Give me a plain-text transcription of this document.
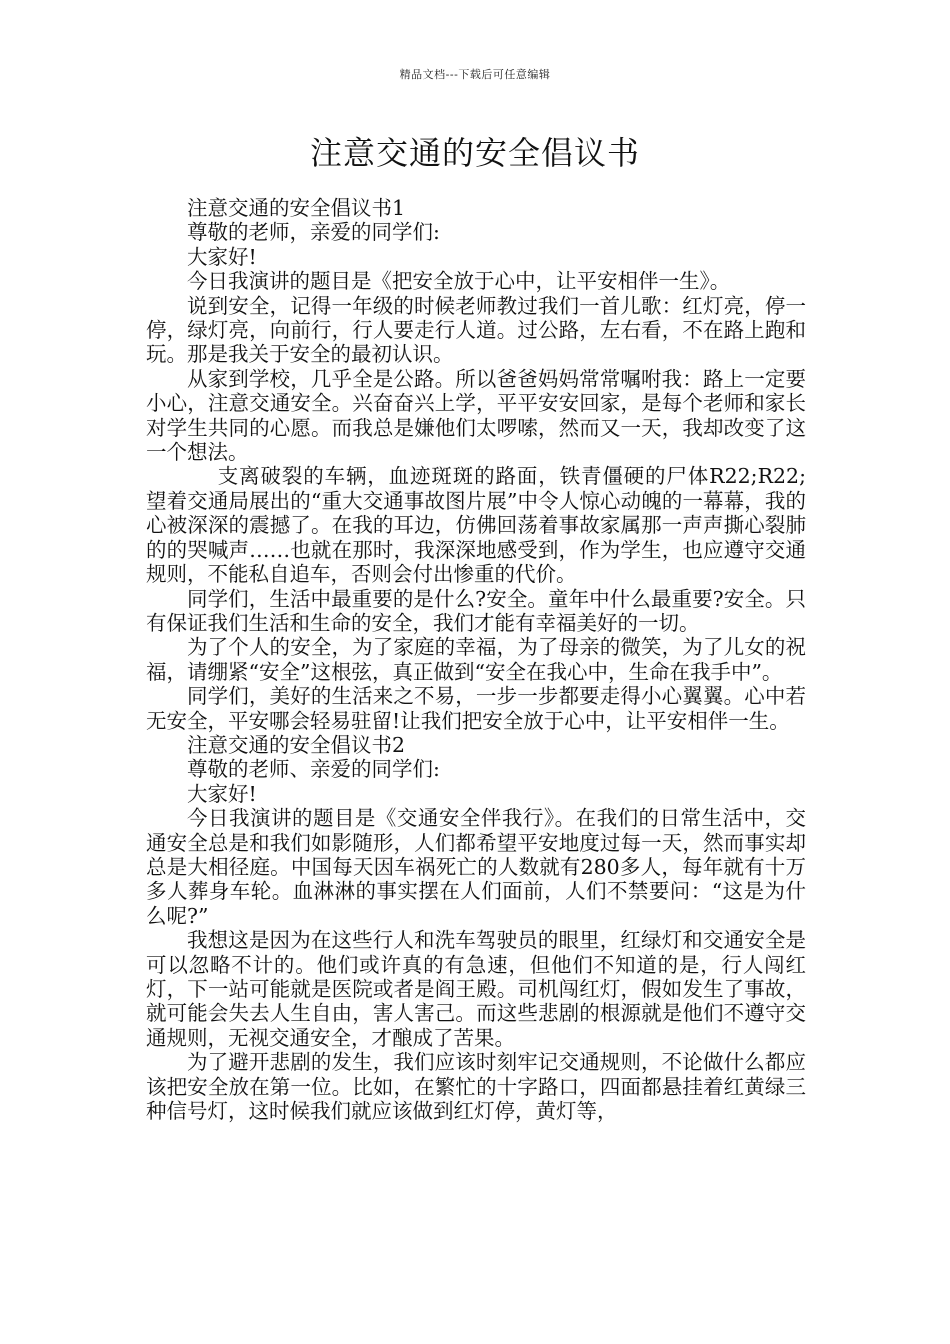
精品文档---下载后可任意编辑
注意交通的安全倡议书

注意交通的安全倡议书1

尊敬的老师，亲爱的同学们:

大家好!

今日我演讲的题目是《把安全放于心中，让平安相伴一生》。

说到安全，记得一年级的时候老师教过我们一首儿歌：红灯亮，停一停，绿灯亮，向前行，行人要走行人道。过公路，左右看，不在路上跑和玩。那是我关于安全的最初认识。

从家到学校，几乎全是公路。所以爸爸妈妈常常嘱咐我：路上一定要小心，注意交通安全。兴奋奋兴上学，平平安安回家，是每个老师和家长对学生共同的心愿。而我总是嫌他们太啰嗦，然而又一天，我却改变了这一个想法。

支离破裂的车辆，血迹斑斑的路面，铁青僵硬的尸体R22;R22;望着交通局展出的“重大交通事故图片展”中令人惊心动魄的一幕幕，我的心被深深的震撼了。在我的耳边，仿佛回荡着事故家属那一声声撕心裂肺的的哭喊声……也就在那时，我深深地感受到，作为学生，也应遵守交通规则，不能私自追车，否则会付出惨重的代价。

同学们，生活中最重要的是什么?安全。童年中什么最重要?安全。只有保证我们生活和生命的安全，我们才能有幸福美好的一切。

为了个人的安全，为了家庭的幸福，为了母亲的微笑，为了儿女的祝福，请绷紧“安全”这根弦，真正做到“安全在我心中，生命在我手中”。

同学们，美好的生活来之不易，一步一步都要走得小心翼翼。心中若无安全，平安哪会轻易驻留!让我们把安全放于心中，让平安相伴一生。

注意交通的安全倡议书2

尊敬的老师、亲爱的同学们:

大家好!

今日我演讲的题目是《交通安全伴我行》。在我们的日常生活中，交通安全总是和我们如影随形，人们都希望平安地度过每一天，然而事实却总是大相径庭。中国每天因车祸死亡的人数就有280多人，每年就有十万多人葬身车轮。血淋淋的事实摆在人们面前，人们不禁要问：“这是为什么呢?”

我想这是因为在这些行人和洗车驾驶员的眼里，红绿灯和交通安全是可以忽略不计的。他们或许真的有急速，但他们不知道的是，行人闯红灯，下一站可能就是医院或者是阎王殿。司机闯红灯，假如发生了事故，就可能会失去人生自由，害人害己。而这些悲剧的根源就是他们不遵守交通规则，无视交通安全，才酿成了苦果。

为了避开悲剧的发生，我们应该时刻牢记交通规则，不论做什么都应该把安全放在第一位。比如，在繁忙的十字路口，四面都悬挂着红黄绿三种信号灯，这时候我们就应该做到红灯停，黄灯等，
